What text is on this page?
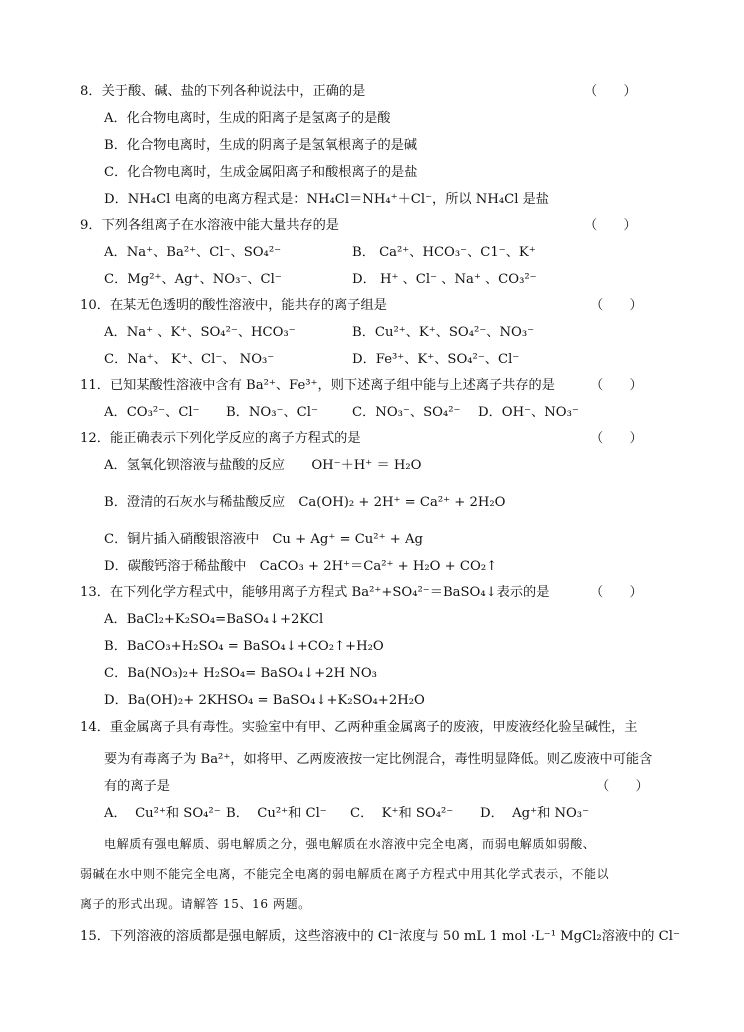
8．关于酸、碱、盐的下列各种说法中，正确的是	（　　）
A．化合物电离时，生成的阳离子是氢离子的是酸
B．化合物电离时，生成的阴离子是氢氧根离子的是碱
C．化合物电离时，生成金属阳离子和酸根离子的是盐
D．NH₄Cl 电离的电离方程式是：NH₄Cl＝NH₄⁺＋Cl⁻，所以 NH₄Cl 是盐
9．下列各组离子在水溶液中能大量共存的是	（　　）
A．Na⁺、Ba²⁺、Cl⁻、SO₄²⁻	B． Ca²⁺、HCO₃⁻、C1⁻、K⁺
C．Mg²⁺、Ag⁺、NO₃⁻、Cl⁻	D． H⁺ 、Cl⁻ 、Na⁺ 、CO₃²⁻
10．在某无色透明的酸性溶液中，能共存的离子组是	（　　）
A．Na⁺ 、K⁺、SO₄²⁻、HCO₃⁻	B．Cu²⁺、K⁺、SO₄²⁻、NO₃⁻
C．Na⁺、 K⁺、Cl⁻、 NO₃⁻	D．Fe³⁺、K⁺、SO₄²⁻、Cl⁻
11．已知某酸性溶液中含有 Ba²⁺、Fe³⁺，则下述离子组中能与上述离子共存的是	（　　）
A．CO₃²⁻、Cl⁻ B．NO₃⁻、Cl⁻	C．NO₃⁻、SO₄²⁻ D．OH⁻、NO₃⁻
12．能正确表示下列化学反应的离子方程式的是	（　　）
A．氢氧化钡溶液与盐酸的反应　　OH⁻＋H⁺ ＝ H₂O
B．澄清的石灰水与稀盐酸反应　Ca(OH)₂ + 2H⁺ = Ca²⁺ + 2H₂O
C．铜片插入硝酸银溶液中　Cu + Ag⁺ = Cu²⁺ + Ag
D．碳酸钙溶于稀盐酸中　CaCO₃ + 2H⁺＝Ca²⁺ + H₂O + CO₂↑
13．在下列化学方程式中，能够用离子方程式 Ba²⁺+SO₄²⁻＝BaSO₄↓表示的是	（　　）
A．BaCl₂+K₂SO₄=BaSO₄↓+2KCl
B．BaCO₃+H₂SO₄ = BaSO₄↓+CO₂↑+H₂O
C．Ba(NO₃)₂+ H₂SO₄= BaSO₄↓+2H NO₃
D．Ba(OH)₂+ 2KHSO₄ = BaSO₄↓+K₂SO₄+2H₂O
14．重金属离子具有毒性。实验室中有甲、乙两种重金属离子的废液，甲废液经化验呈碱性，主
要为有毒离子为 Ba²⁺，如将甲、乙两废液按一定比例混合，毒性明显降低。则乙废液中可能含
有的离子是	（　　）
A．  Cu²⁺和 SO₄²⁻ B．  Cu²⁺和 Cl⁻ C．  K⁺和 SO₄²⁻ D．  Ag⁺和 NO₃⁻
电解质有强电解质、弱电解质之分，强电解质在水溶液中完全电离，而弱电解质如弱酸、
弱碱在水中则不能完全电离，不能完全电离的弱电解质在离子方程式中用其化学式表示，不能以
离子的形式出现。请解答 15、16 两题。
15．下列溶液的溶质都是强电解质，这些溶液中的 Cl⁻浓度与 50 mL 1 mol ·L⁻¹ MgCl₂溶液中的 Cl⁻
